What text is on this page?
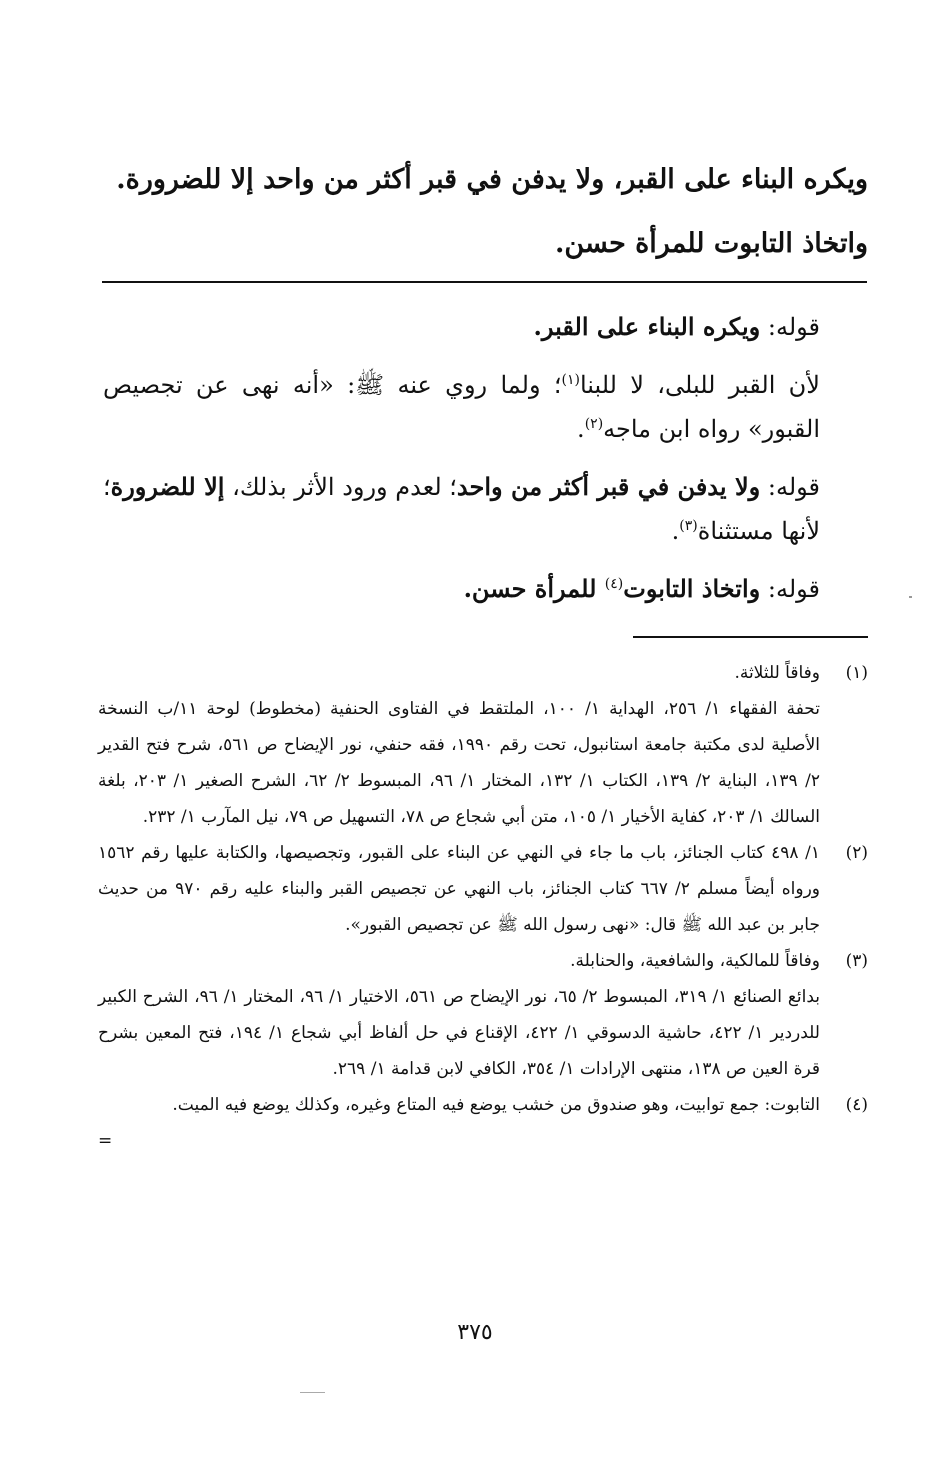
ويكره البناء على القبر، ولا يدفن في قبر أكثر من واحد إلا للضرورة.

واتخاذ التابوت للمرأة حسن.

قوله: ويكره البناء على القبر.

لأن القبر للبلى، لا للبنا$^{(١)}$؛ ولما روي عنه ﷺ: «أنه نهى عن تجصيص القبور» رواه ابن ماجه$^{(٢)}$.

قوله: ولا يدفن في قبر أكثر من واحد؛ لعدم ورود الأثر بذلك، إلا للضرورة؛ لأنها مستثناة$^{(٣)}$.

قوله: واتخاذ التابوت$^{(٤)}$ للمرأة حسن.

(١)

وفاقاً للثلاثة.

تحفة الفقهاء ١/ ٢٥٦، الهداية ١/ ١٠٠، الملتقط في الفتاوى الحنفية (مخطوط) لوحة ١١/ب النسخة الأصلية لدى مكتبة جامعة استانبول، تحت رقم ١٩٩٠، فقه حنفي، نور الإيضاح ص ٥٦١، شرح فتح القدير ٢/ ١٣٩، البناية ٢/ ١٣٩، الكتاب ١/ ١٣٢، المختار ١/ ٩٦، المبسوط ٢/ ٦٢، الشرح الصغير ١/ ٢٠٣، بلغة السالك ١/ ٢٠٣، كفاية الأخيار ١/ ١٠٥، متن أبي شجاع ص ٧٨، التسهيل ص ٧٩، نيل المآرب ١/ ٢٣٢.

(٢)

١/ ٤٩٨ كتاب الجنائز، باب ما جاء في النهي عن البناء على القبور، وتجصيصها، والكتابة عليها رقم ١٥٦٢ ورواه أيضاً مسلم ٢/ ٦٦٧ كتاب الجنائز، باب النهي عن تجصيص القبر والبناء عليه رقم ٩٧٠ من حديث جابر بن عبد الله ﷺ قال: «نهى رسول الله ﷺ عن تجصيص القبور».

(٣)

وفاقاً للمالكية، والشافعية، والحنابلة.

بدائع الصنائع ١/ ٣١٩، المبسوط ٢/ ٦٥، نور الإيضاح ص ٥٦١، الاختيار ١/ ٩٦، المختار ١/ ٩٦، الشرح الكبير للدردير ١/ ٤٢٢، حاشية الدسوقي ١/ ٤٢٢، الإقناع في حل ألفاظ أبي شجاع ١/ ١٩٤، فتح المعين بشرح قرة العين ص ١٣٨، منتهى الإرادات ١/ ٣٥٤، الكافي لابن قدامة ١/ ٢٦٩.

(٤)

التابوت: جمع توابيت، وهو صندوق من خشب يوضع فيه المتاع وغيره، وكذلك يوضع فيه الميت.

=

٣٧٥
